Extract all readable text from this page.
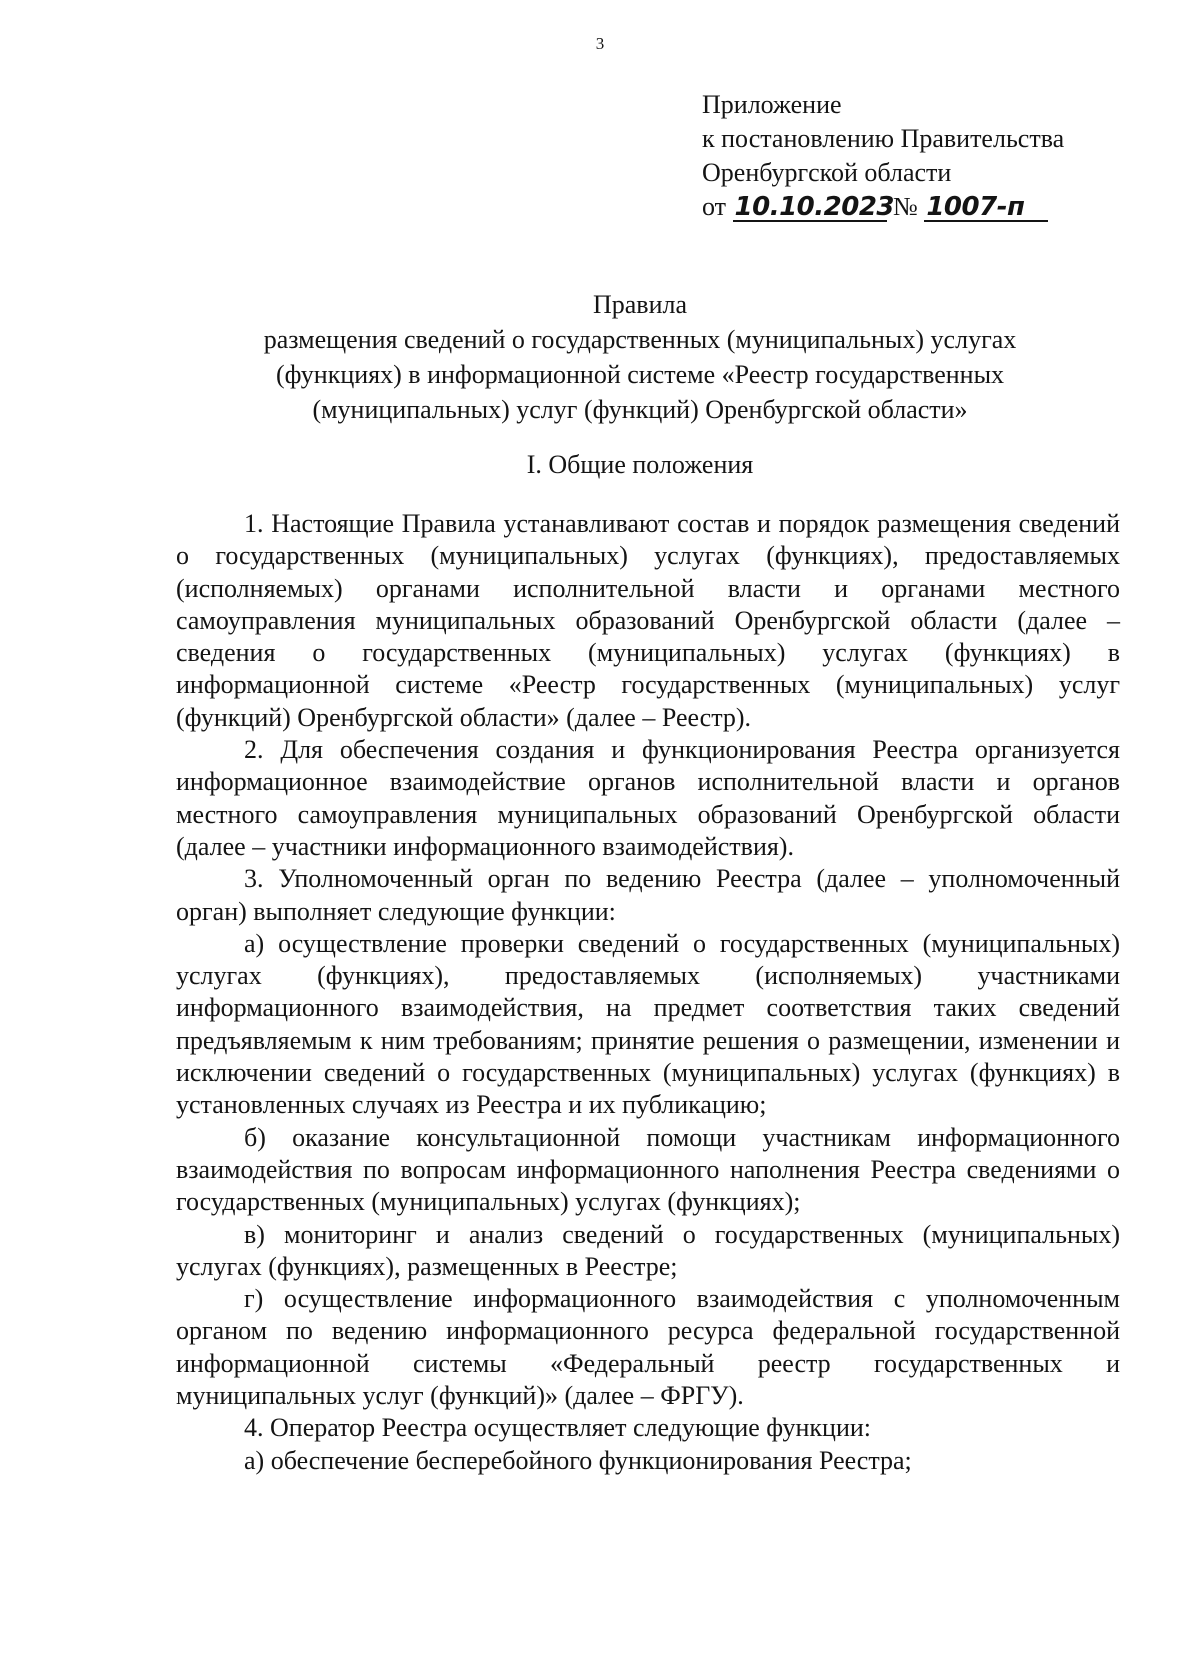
3
Приложение
к постановлению Правительства
Оренбургской области
от 10.10.2023 № 1007-п
Правила
размещения сведений о государственных (муниципальных) услугах
(функциях) в информационной системе «Реестр государственных
(муниципальных) услуг (функций) Оренбургской области»
I. Общие положения

1. Настоящие Правила устанавливают состав и порядок размещения сведений о государственных (муниципальных) услугах (функциях), предоставляемых (исполняемых) органами исполнительной власти и органами местного самоуправления муниципальных образований Оренбургской области (далее – сведения о государственных (муниципальных) услугах (функциях) в информационной системе «Реестр государственных (муниципальных) услуг (функций) Оренбургской области» (далее – Реестр).

2. Для обеспечения создания и функционирования Реестра организуется информационное взаимодействие органов исполнительной власти и органов местного самоуправления муниципальных образований Оренбургской области (далее – участники информационного взаимодействия).

3. Уполномоченный орган по ведению Реестра (далее – уполномоченный орган) выполняет следующие функции:

а) осуществление проверки сведений о государственных (муниципальных) услугах (функциях), предоставляемых (исполняемых) участниками информационного взаимодействия, на предмет соответствия таких сведений предъявляемым к ним требованиям; принятие решения о размещении, изменении и исключении сведений о государственных (муниципальных) услугах (функциях) в установленных случаях из Реестра и их публикацию;

б) оказание консультационной помощи участникам информационного взаимодействия по вопросам информационного наполнения Реестра сведениями о государственных (муниципальных) услугах (функциях);

в) мониторинг и анализ сведений о государственных (муниципальных) услугах (функциях), размещенных в Реестре;

г) осуществление информационного взаимодействия с уполномоченным органом по ведению информационного ресурса федеральной государственной информационной системы «Федеральный реестр государственных и муниципальных услуг (функций)» (далее – ФРГУ).

4. Оператор Реестра осуществляет следующие функции:

а) обеспечение бесперебойного функционирования Реестра;
